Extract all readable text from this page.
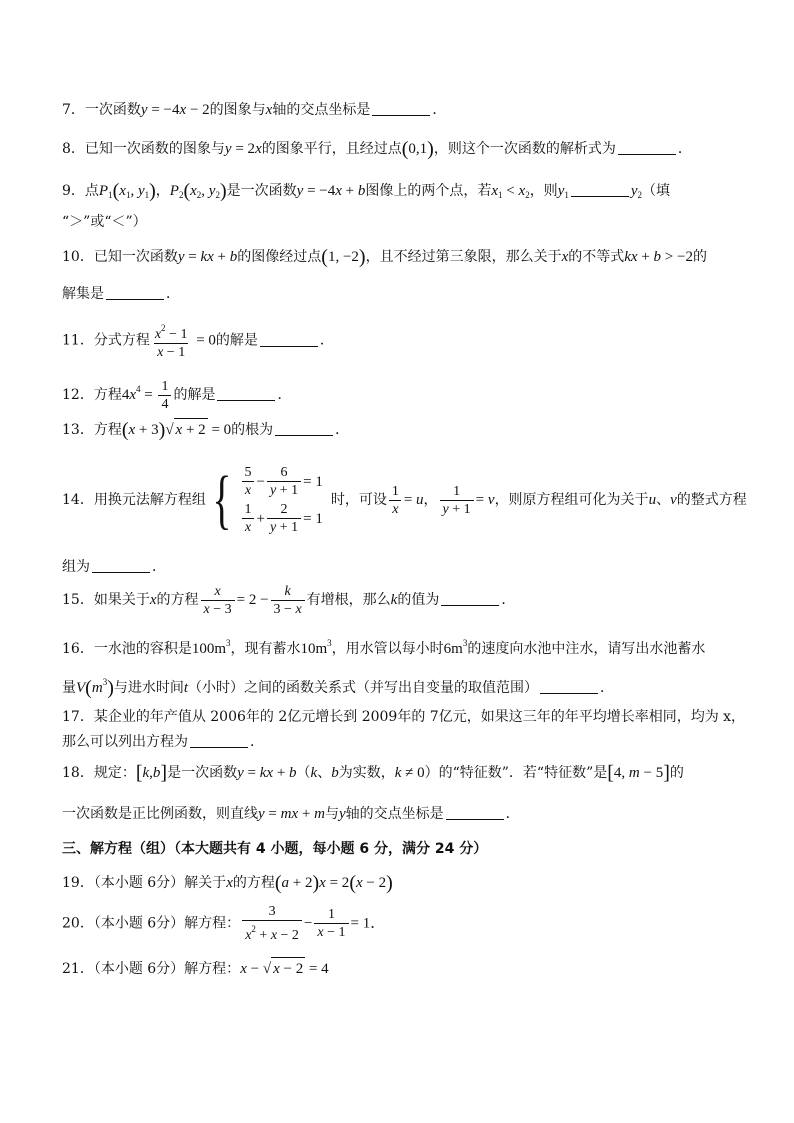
7．一次函数y = −4x − 2的图象与x轴的交点坐标是	．
8．已知一次函数的图象与y = 2x的图象平行，且经过点(0,1)，则这个一次函数的解析式为	．
9．点$P_1(x_1$, $y_1$)，$P_2(x_2$, $y_2$)是一次函数y = −4x + b图像上的两个点，若$x_1 < x_2$，则$y_1$	$y_2$（填
“＞”或“＜”）
10．已知一次函数y = kx + b的图像经过点(1, −2)，且不经过第三象限，那么关于x的不等式kx + b > −2的
解集是	．
11．分式方程 $\frac{x^2 - 1}{x - 1} = 0$的解是	．
12．方程$4x^4 = \frac{1}{4}$ 的解是	．
13．方程(x + 3)√ x + 2 = 0的根为	．
14． 用换元法解方程组 { $\frac{5}{x} - \frac{6}{y + 1} = 1$
$\frac{1}{x} + \frac{2}{y + 1} = 1$
时，可设 $\frac{1}{x} = u$ ， $\frac{1}{y + 1} = v$ ，则原方程组可化为关于 u 、 v 的整式方程
组为	．
15．如果关于x的方程 $\frac{x}{x - 3} = 2 - \frac{k}{3 - x}$ 有增根，那么k的值为	．
16．一水池的容积是$100m^3$，现有蓄水$10m^3$，用水管以每小时$6m^3$的速度向水池中注水，请写出水池蓄水
量$V(m^3)$与进水时间t（小时）之间的函数关系式（并写出自变量的取值范围）	．
17．某企业的年产值从 2006年的 2亿元增长到 2009年的 7亿元，如果这三年的年平均增长率相同，均为 x，
那么可以列出方程为	．
18．规定：[k,b]是一次函数y = kx + b（k、b为实数，k ≠ 0）的“特征数”．若“特征数”是[4, m − 5]的
一次函数是正比例函数，则直线y = mx + m与y轴的交点坐标是	．
三、解方程（组）（本大题共有 4 小题，每小题 6 分，满分 24 分）
19．（本小题 6分）解关于x的方程(a + 2)x = 2(x − 2)
20．（本小题 6分）解方程： $\frac{3}{x^2 + x - 2} - \frac{1}{x - 1} = 1$．
21．（本小题 6分）解方程：x − √ x − 2 = 4
